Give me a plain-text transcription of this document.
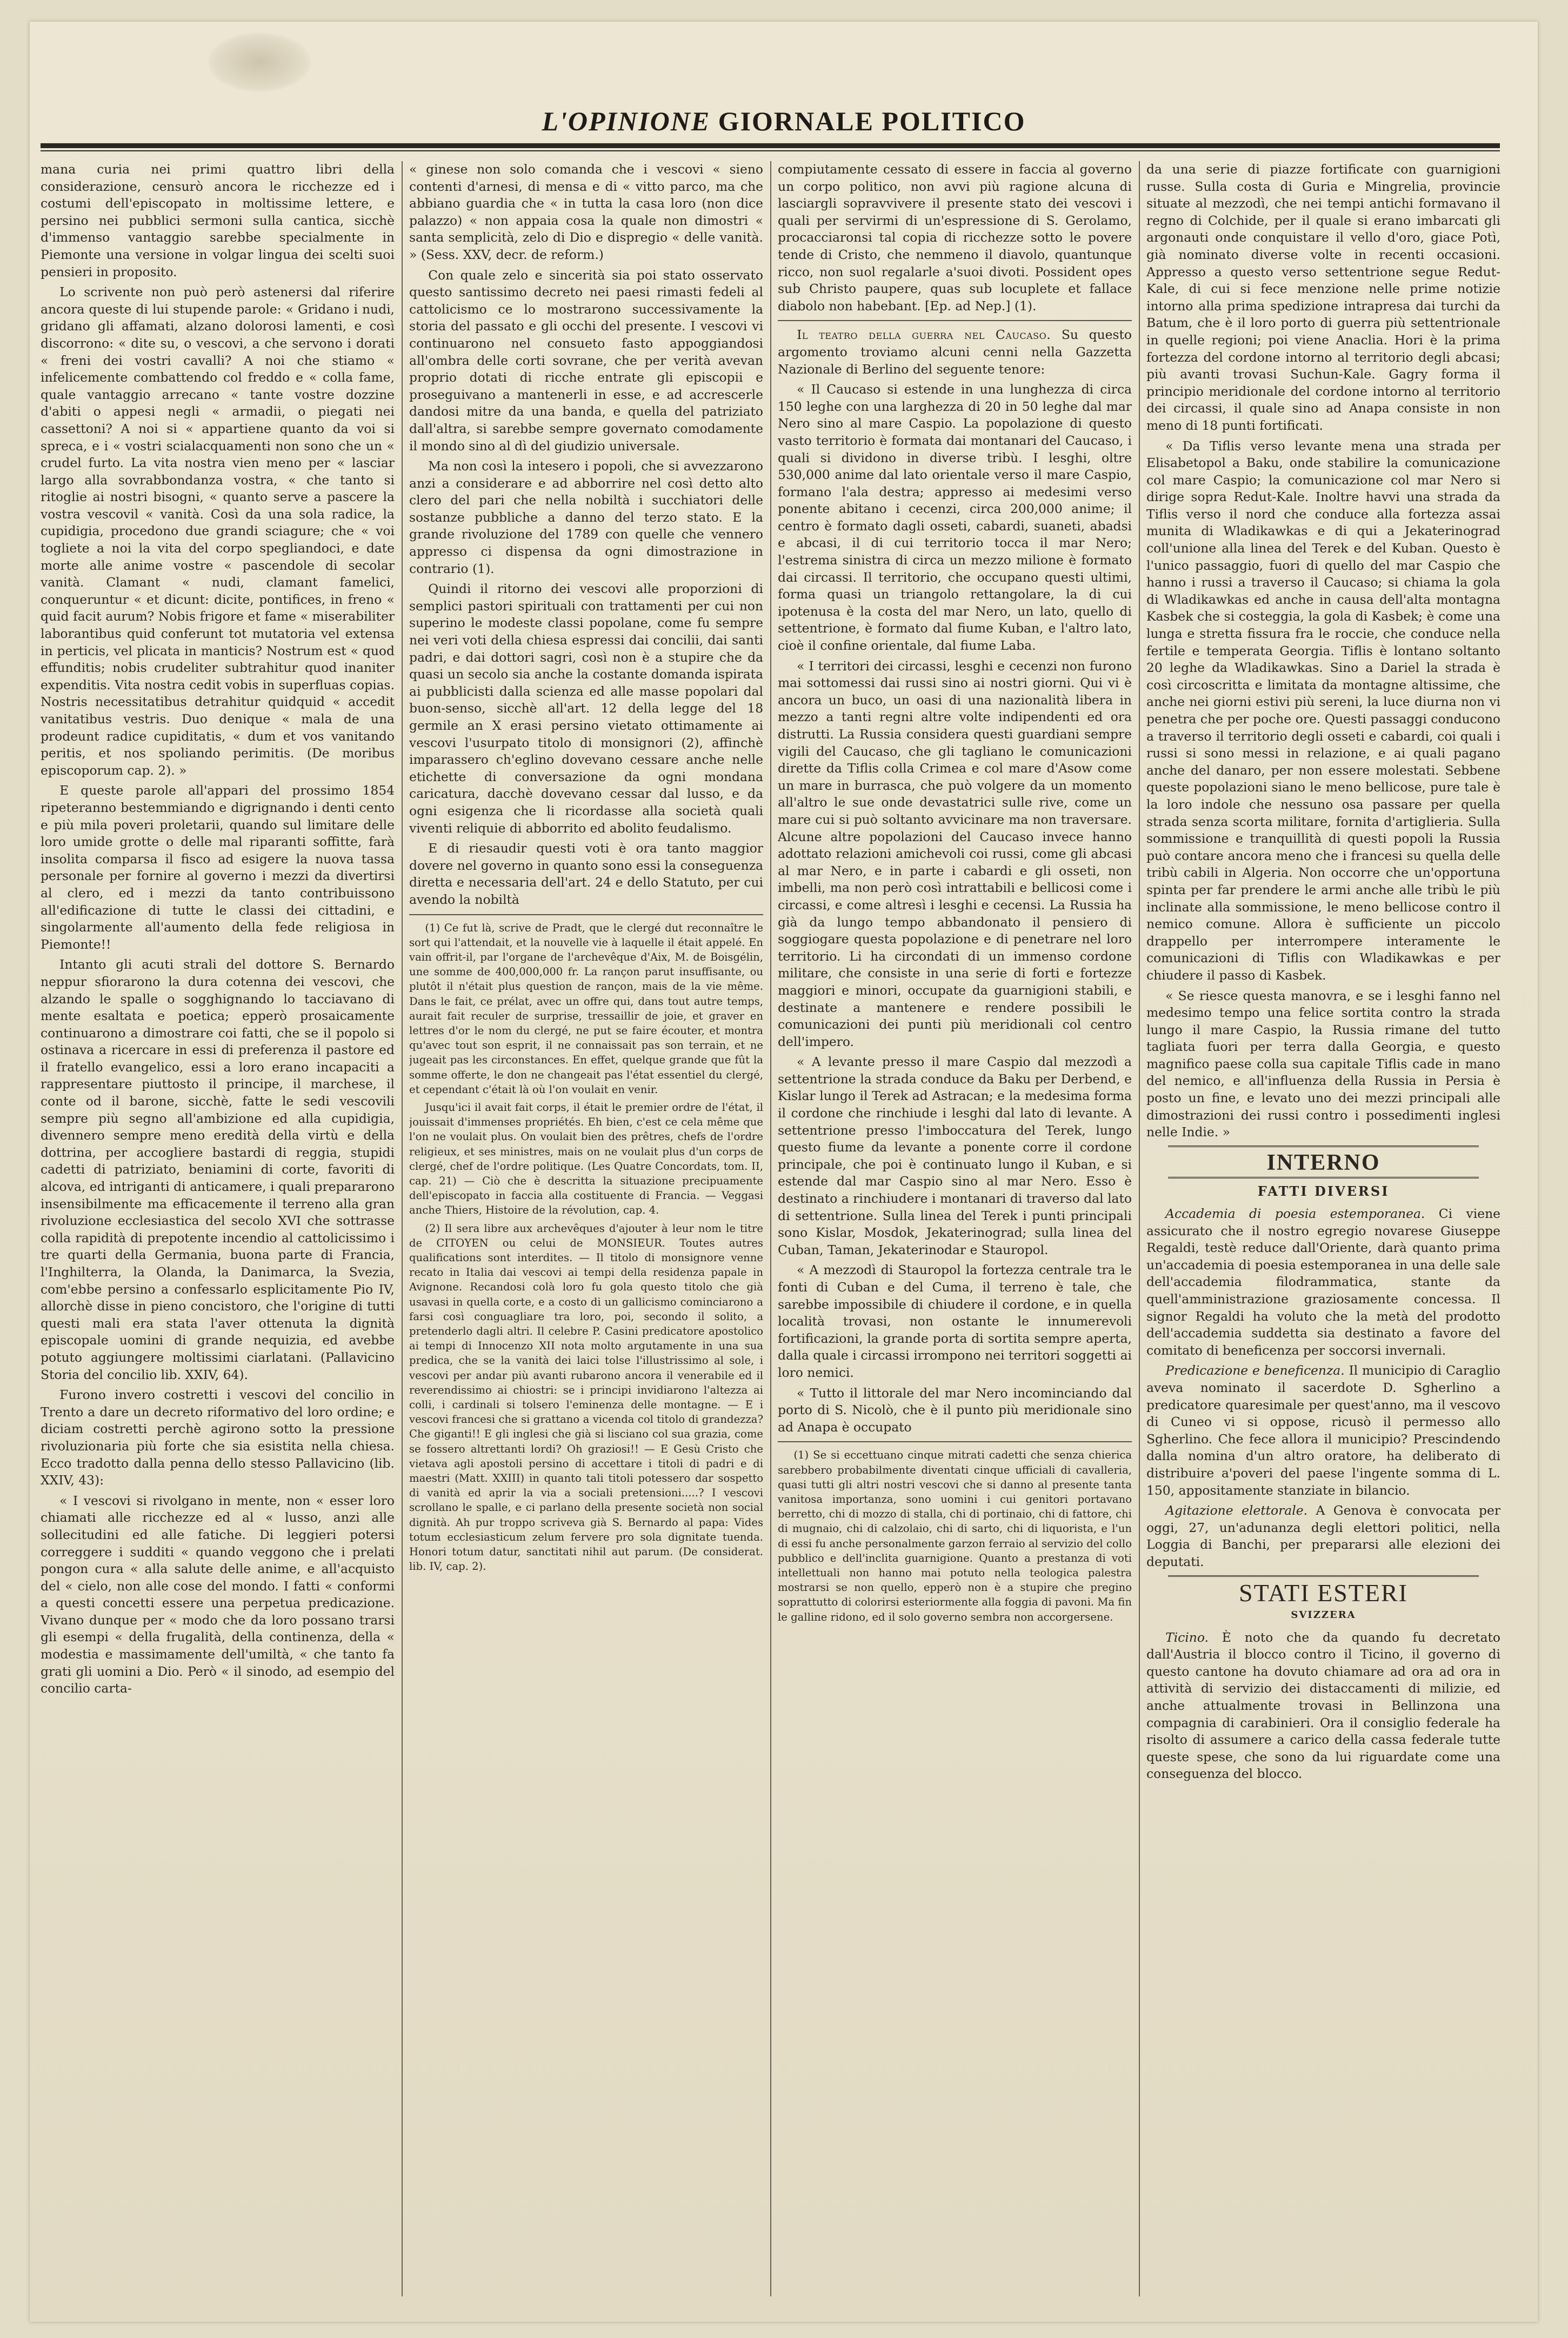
L'OPINIONE GIORNALE POLITICO

mana curia nei primi quattro libri della considerazione, censurò ancora le ricchezze ed i costumi dell'episcopato in moltissime lettere, e persino nei pubblici sermoni sulla cantica, sicchè d'immenso vantaggio sarebbe specialmente in Piemonte una versione in volgar lingua dei scelti suoi pensieri in proposito.

Lo scrivente non può però astenersi dal riferire ancora queste di lui stupende parole: « Gridano i nudi, gridano gli affamati, alzano dolorosi lamenti, e così discorrono: « dite su, o vescovi, a che servono i dorati « freni dei vostri cavalli? A noi che stiamo « infelicemente combattendo col freddo e « colla fame, quale vantaggio arrecano « tante vostre dozzine d'abiti o appesi negli « armadii, o piegati nei cassettoni? A noi si « appartiene quanto da voi si spreca, e i « vostri scialacquamenti non sono che un « crudel furto. La vita nostra vien meno per « lasciar largo alla sovrabbondanza vostra, « che tanto si ritoglie ai nostri bisogni, « quanto serve a pascere la vostra vescovil « vanità. Così da una sola radice, la cupidigia, procedono due grandi sciagure; che « voi togliete a noi la vita del corpo spegliandoci, e date morte alle anime vostre « pascendole di secolar vanità. Clamant « nudi, clamant famelici, conqueruntur « et dicunt: dicite, pontifices, in freno « quid facit aurum? Nobis frigore et fame « miserabiliter laborantibus quid conferunt tot mutatoria vel extensa in perticis, vel plicata in manticis? Nostrum est « quod effunditis; nobis crudeliter subtrahitur quod inaniter expenditis. Vita nostra cedit vobis in superfluas copias. Nostris necessitatibus detrahitur quidquid « accedit vanitatibus vestris. Duo denique « mala de una prodeunt radice cupiditatis, « dum et vos vanitando peritis, et nos spoliando perimitis. (De moribus episcoporum cap. 2). »

E queste parole all'appari del prossimo 1854 ripeteranno bestemmiando e digrignando i denti cento e più mila poveri proletarii, quando sul limitare delle loro umide grotte o delle mal riparanti soffitte, farà insolita comparsa il fisco ad esigere la nuova tassa personale per fornire al governo i mezzi da divertirsi al clero, ed i mezzi da tanto contribuissono all'edificazione di tutte le classi dei cittadini, e singolarmente all'aumento della fede religiosa in Piemonte!!

Intanto gli acuti strali del dottore S. Bernardo neppur sfiorarono la dura cotenna dei vescovi, che alzando le spalle o sogghignando lo tacciavano di mente esaltata e poetica; epperò prosaicamente continuarono a dimostrare coi fatti, che se il popolo si ostinava a ricercare in essi di preferenza il pastore ed il fratello evangelico, essi a loro erano incapaciti a rappresentare piuttosto il principe, il marchese, il conte od il barone, sicchè, fatte le sedi vescovili sempre più segno all'ambizione ed alla cupidigia, divennero sempre meno eredità della virtù e della dottrina, per accogliere bastardi di reggia, stupidi cadetti di patriziato, beniamini di corte, favoriti di alcova, ed intriganti di anticamere, i quali prepararono insensibilmente ma efficacemente il terreno alla gran rivoluzione ecclesiastica del secolo XVI che sottrasse colla rapidità di prepotente incendio al cattolicissimo i tre quarti della Germania, buona parte di Francia, l'Inghilterra, la Olanda, la Danimarca, la Svezia, com'ebbe persino a confessarlo esplicitamente Pio IV, allorchè disse in pieno concistoro, che l'origine di tutti questi mali era stata l'aver ottenuta la dignità episcopale uomini di grande nequizia, ed avebbe potuto aggiungere moltissimi ciarlatani. (Pallavicino Storia del concilio lib. XXIV, 64).

Furono invero costretti i vescovi del concilio in Trento a dare un decreto riformativo del loro ordine; e diciam costretti perchè agirono sotto la pressione rivoluzionaria più forte che sia esistita nella chiesa. Ecco tradotto dalla penna dello stesso Pallavicino (lib. XXIV, 43):

« I vescovi si rivolgano in mente, non « esser loro chiamati alle ricchezze ed al « lusso, anzi alle sollecitudini ed alle fatiche. Di leggieri potersi correggere i sudditi « quando veggono che i prelati pongon cura « alla salute delle anime, e all'acquisto del « cielo, non alle cose del mondo. I fatti « conformi a questi concetti essere una perpetua predicazione. Vivano dunque per « modo che da loro possano trarsi gli esempi « della frugalità, della continenza, della « modestia e massimamente dell'umiltà, « che tanto fa grati gli uomini a Dio. Però « il sinodo, ad esempio del concilio carta-

« ginese non solo comanda che i vescovi « sieno contenti d'arnesi, di mensa e di « vitto parco, ma che abbiano guardia che « in tutta la casa loro (non dice palazzo) « non appaia cosa la quale non dimostri « santa semplicità, zelo di Dio e dispregio « delle vanità. » (Sess. XXV, decr. de reform.)

Con quale zelo e sincerità sia poi stato osservato questo santissimo decreto nei paesi rimasti fedeli al cattolicismo ce lo mostrarono successivamente la storia del passato e gli occhi del presente. I vescovi vi continuarono nel consueto fasto appoggiandosi all'ombra delle corti sovrane, che per verità avevan proprio dotati di ricche entrate gli episcopii e proseguivano a mantenerli in esse, e ad accrescerle dandosi mitre da una banda, e quella del patriziato dall'altra, si sarebbe sempre governato comodamente il mondo sino al dì del giudizio universale.

Ma non così la intesero i popoli, che si avvezzarono anzi a considerare e ad abborrire nel così detto alto clero del pari che nella nobiltà i succhiatori delle sostanze pubbliche a danno del terzo stato. E la grande rivoluzione del 1789 con quelle che vennero appresso ci dispensa da ogni dimostrazione in contrario (1).

Quindi il ritorno dei vescovi alle proporzioni di semplici pastori spirituali con trattamenti per cui non superino le modeste classi popolane, come fu sempre nei veri voti della chiesa espressi dai concilii, dai santi padri, e dai dottori sagri, così non è a stupire che da quasi un secolo sia anche la costante domanda ispirata ai pubblicisti dalla scienza ed alle masse popolari dal buon-senso, sicchè all'art. 12 della legge del 18 germile an X erasi persino vietato ottimamente ai vescovi l'usurpato titolo di monsignori (2), affinchè imparassero ch'eglino dovevano cessare anche nelle etichette di conversazione da ogni mondana caricatura, dacchè dovevano cessar dal lusso, e da ogni esigenza che li ricordasse alla società quali viventi reliquie di abborrito ed abolito feudalismo.

E di riesaudir questi voti è ora tanto maggior dovere nel governo in quanto sono essi la conseguenza diretta e necessaria dell'art. 24 e dello Statuto, per cui avendo la nobiltà

(1) Ce fut là, scrive de Pradt, que le clergé dut reconnaître le sort qui l'attendait, et la nouvelle vie à laquelle il était appelé. En vain offrit-il, par l'organe de l'archevêque d'Aix, M. de Boisgélin, une somme de 400,000,000 fr. La rançon parut insuffisante, ou plutôt il n'était plus question de rançon, mais de la vie même. Dans le fait, ce prélat, avec un offre qui, dans tout autre temps, aurait fait reculer de surprise, tressaillir de joie, et graver en lettres d'or le nom du clergé, ne put se faire écouter, et montra qu'avec tout son esprit, il ne connaissait pas son terrain, et ne jugeait pas les circonstances. En effet, quelque grande que fût la somme offerte, le don ne changeait pas l'état essentiel du clergé, et cependant c'était là où l'on voulait en venir.

Jusqu'ici il avait fait corps, il était le premier ordre de l'état, il jouissait d'immenses propriétés. Eh bien, c'est ce cela même que l'on ne voulait plus. On voulait bien des prêtres, chefs de l'ordre religieux, et ses ministres, mais on ne voulait plus d'un corps de clergé, chef de l'ordre politique. (Les Quatre Concordats, tom. II, cap. 21) — Ciò che è descritta la situazione precipuamente dell'episcopato in faccia alla costituente di Francia. — Veggasi anche Thiers, Histoire de la révolution, cap. 4.

(2) Il sera libre aux archevêques d'ajouter à leur nom le titre de CITOYEN ou celui de MONSIEUR. Toutes autres qualifications sont interdites. — Il titolo di monsignore venne recato in Italia dai vescovi ai tempi della residenza papale in Avignone. Recandosi colà loro fu gola questo titolo che già usavasi in quella corte, e a costo di un gallicismo cominciarono a farsi così conguagliare tra loro, poi, secondo il solito, a pretenderlo dagli altri. Il celebre P. Casini predicatore apostolico ai tempi di Innocenzo XII nota molto argutamente in una sua predica, che se la vanità dei laici tolse l'illustrissimo al sole, i vescovi per andar più avanti rubarono ancora il venerabile ed il reverendissimo ai chiostri: se i principi invidiarono l'altezza ai colli, i cardinali si tolsero l'eminenza delle montagne. — E i vescovi francesi che si grattano a vicenda col titolo di grandezza? Che giganti!! E gli inglesi che già si lisciano col sua grazia, come se fossero altrettanti lordi? Oh graziosi!! — E Gesù Cristo che vietava agli apostoli persino di accettare i titoli di padri e di maestri (Matt. XXIII) in quanto tali titoli potessero dar sospetto di vanità ed aprir la via a sociali pretensioni.....? I vescovi scrollano le spalle, e ci parlano della presente società non social dignità. Ah pur troppo scriveva già S. Bernardo al papa: Vides totum ecclesiasticum zelum fervere pro sola dignitate tuenda. Honori totum datur, sanctitati nihil aut parum. (De considerat. lib. IV, cap. 2).

compiutamente cessato di essere in faccia al governo un corpo politico, non avvi più ragione alcuna di lasciargli sopravvivere il presente stato dei vescovi i quali per servirmi di un'espressione di S. Gerolamo, procacciaronsi tal copia di ricchezze sotto le povere tende di Cristo, che nemmeno il diavolo, quantunque ricco, non suol regalarle a'suoi divoti. Possident opes sub Christo paupere, quas sub locuplete et fallace diabolo non habebant. [Ep. ad Nep.] (1).

Il teatro della guerra nel Caucaso. Su questo argomento troviamo alcuni cenni nella Gazzetta Nazionale di Berlino del seguente tenore:

« Il Caucaso si estende in una lunghezza di circa 150 leghe con una larghezza di 20 in 50 leghe dal mar Nero sino al mare Caspio. La popolazione di questo vasto territorio è formata dai montanari del Caucaso, i quali si dividono in diverse tribù. I lesghi, oltre 530,000 anime dal lato orientale verso il mare Caspio, formano l'ala destra; appresso ai medesimi verso ponente abitano i cecenzi, circa 200,000 anime; il centro è formato dagli osseti, cabardi, suaneti, abadsi e abcasi, il di cui territorio tocca il mar Nero; l'estrema sinistra di circa un mezzo milione è formato dai circassi. Il territorio, che occupano questi ultimi, forma quasi un triangolo rettangolare, la di cui ipotenusa è la costa del mar Nero, un lato, quello di settentrione, è formato dal fiume Kuban, e l'altro lato, cioè il confine orientale, dal fiume Laba.

« I territori dei circassi, lesghi e cecenzi non furono mai sottomessi dai russi sino ai nostri giorni. Qui vi è ancora un buco, un oasi di una nazionalità libera in mezzo a tanti regni altre volte indipendenti ed ora distrutti. La Russia considera questi guardiani sempre vigili del Caucaso, che gli tagliano le comunicazioni dirette da Tiflis colla Crimea e col mare d'Asow come un mare in burrasca, che può volgere da un momento all'altro le sue onde devastatrici sulle rive, come un mare cui si può soltanto avvicinare ma non traversare. Alcune altre popolazioni del Caucaso invece hanno adottato relazioni amichevoli coi russi, come gli abcasi al mar Nero, e in parte i cabardi e gli osseti, non imbelli, ma non però così intrattabili e bellicosi come i circassi, e come altresì i lesghi e cecensi. La Russia ha già da lungo tempo abbandonato il pensiero di soggiogare questa popolazione e di penetrare nel loro territorio. Li ha circondati di un immenso cordone militare, che consiste in una serie di forti e fortezze maggiori e minori, occupate da guarnigioni stabili, e destinate a mantenere e rendere possibili le comunicazioni dei punti più meridionali col centro dell'impero.

« A levante presso il mare Caspio dal mezzodì a settentrione la strada conduce da Baku per Derbend, e Kislar lungo il Terek ad Astracan; e la medesima forma il cordone che rinchiude i lesghi dal lato di levante. A settentrione presso l'imboccatura del Terek, lungo questo fiume da levante a ponente corre il cordone principale, che poi è continuato lungo il Kuban, e si estende dal mar Caspio sino al mar Nero. Esso è destinato a rinchiudere i montanari di traverso dal lato di settentrione. Sulla linea del Terek i punti principali sono Kislar, Mosdok, Jekaterinograd; sulla linea del Cuban, Taman, Jekaterinodar e Stauropol.

« A mezzodì di Stauropol la fortezza centrale tra le fonti di Cuban e del Cuma, il terreno è tale, che sarebbe impossibile di chiudere il cordone, e in quella località trovasi, non ostante le innumerevoli fortificazioni, la grande porta di sortita sempre aperta, dalla quale i circassi irrompono nei territori soggetti ai loro nemici.

« Tutto il littorale del mar Nero incominciando dal porto di S. Nicolò, che è il punto più meridionale sino ad Anapa è occupato

(1) Se si eccettuano cinque mitrati cadetti che senza chierica sarebbero probabilmente diventati cinque ufficiali di cavalleria, quasi tutti gli altri nostri vescovi che si danno al presente tanta vanitosa importanza, sono uomini i cui genitori portavano berretto, chi di mozzo di stalla, chi di portinaio, chi di fattore, chi di mugnaio, chi di calzolaio, chi di sarto, chi di liquorista, e l'un di essi fu anche personalmente garzon ferraio al servizio del collo pubblico e dell'inclita guarnigione. Quanto a prestanza di voti intellettuali non hanno mai potuto nella teologica palestra mostrarsi se non quello, epperò non è a stupire che pregino soprattutto di colorirsi esteriormente alla foggia di pavoni. Ma fin le galline ridono, ed il solo governo sembra non accorgersene.

da una serie di piazze fortificate con guarnigioni russe. Sulla costa di Guria e Mingrelia, provincie situate al mezzodì, che nei tempi antichi formavano il regno di Colchide, per il quale si erano imbarcati gli argonauti onde conquistare il vello d'oro, giace Potì, già nominato diverse volte in recenti occasioni. Appresso a questo verso settentrione segue Redut-Kale, di cui si fece menzione nelle prime notizie intorno alla prima spedizione intrapresa dai turchi da Batum, che è il loro porto di guerra più settentrionale in quelle regioni; poi viene Anaclia. Hori è la prima fortezza del cordone intorno al territorio degli abcasi; più avanti trovasi Suchun-Kale. Gagry forma il principio meridionale del cordone intorno al territorio dei circassi, il quale sino ad Anapa consiste in non meno di 18 punti fortificati.

« Da Tiflis verso levante mena una strada per Elisabetopol a Baku, onde stabilire la comunicazione col mare Caspio; la comunicazione col mar Nero si dirige sopra Redut-Kale. Inoltre havvi una strada da Tiflis verso il nord che conduce alla fortezza assai munita di Wladikawkas e di qui a Jekaterinograd coll'unione alla linea del Terek e del Kuban. Questo è l'unico passaggio, fuori di quello del mar Caspio che hanno i russi a traverso il Caucaso; si chiama la gola di Wladikawkas ed anche in causa dell'alta montagna Kasbek che si costeggia, la gola di Kasbek; è come una lunga e stretta fissura fra le roccie, che conduce nella fertile e temperata Georgia. Tiflis è lontano soltanto 20 leghe da Wladikawkas. Sino a Dariel la strada è così circoscritta e limitata da montagne altissime, che anche nei giorni estivi più sereni, la luce diurna non vi penetra che per poche ore. Questi passaggi conducono a traverso il territorio degli osseti e cabardi, coi quali i russi si sono messi in relazione, e ai quali pagano anche del danaro, per non essere molestati. Sebbene queste popolazioni siano le meno bellicose, pure tale è la loro indole che nessuno osa passare per quella strada senza scorta militare, fornita d'artiglieria. Sulla sommissione e tranquillità di questi popoli la Russia può contare ancora meno che i francesi su quella delle tribù cabili in Algeria. Non occorre che un'opportuna spinta per far prendere le armi anche alle tribù le più inclinate alla sommissione, le meno bellicose contro il nemico comune. Allora è sufficiente un piccolo drappello per interrompere interamente le comunicazioni di Tiflis con Wladikawkas e per chiudere il passo di Kasbek.

« Se riesce questa manovra, e se i lesghi fanno nel medesimo tempo una felice sortita contro la strada lungo il mare Caspio, la Russia rimane del tutto tagliata fuori per terra dalla Georgia, e questo magnifico paese colla sua capitale Tiflis cade in mano del nemico, e all'influenza della Russia in Persia è posto un fine, e levato uno dei mezzi principali alle dimostrazioni dei russi contro i possedimenti inglesi nelle Indie. »

INTERNO
FATTI DIVERSI

Accademia di poesia estemporanea. Ci viene assicurato che il nostro egregio novarese Giuseppe Regaldi, testè reduce dall'Oriente, darà quanto prima un'accademia di poesia estemporanea in una delle sale dell'accademia filodrammatica, stante da quell'amministrazione graziosamente concessa. Il signor Regaldi ha voluto che la metà del prodotto dell'accademia suddetta sia destinato a favore del comitato di beneficenza per soccorsi invernali.

Predicazione e beneficenza. Il municipio di Caraglio aveva nominato il sacerdote D. Sgherlino a predicatore quaresimale per quest'anno, ma il vescovo di Cuneo vi si oppose, ricusò il permesso allo Sgherlino. Che fece allora il municipio? Prescindendo dalla nomina d'un altro oratore, ha deliberato di distribuire a'poveri del paese l'ingente somma di L. 150, appositamente stanziate in bilancio.

Agitazione elettorale. A Genova è convocata per oggi, 27, un'adunanza degli elettori politici, nella Loggia di Banchi, per prepararsi alle elezioni dei deputati.

STATI ESTERI
SVIZZERA

Ticino. È noto che da quando fu decretato dall'Austria il blocco contro il Ticino, il governo di questo cantone ha dovuto chiamare ad ora ad ora in attività di servizio dei distaccamenti di milizie, ed anche attualmente trovasi in Bellinzona una compagnia di carabinieri. Ora il consiglio federale ha risolto di assumere a carico della cassa federale tutte queste spese, che sono da lui riguardate come una conseguenza del blocco.
